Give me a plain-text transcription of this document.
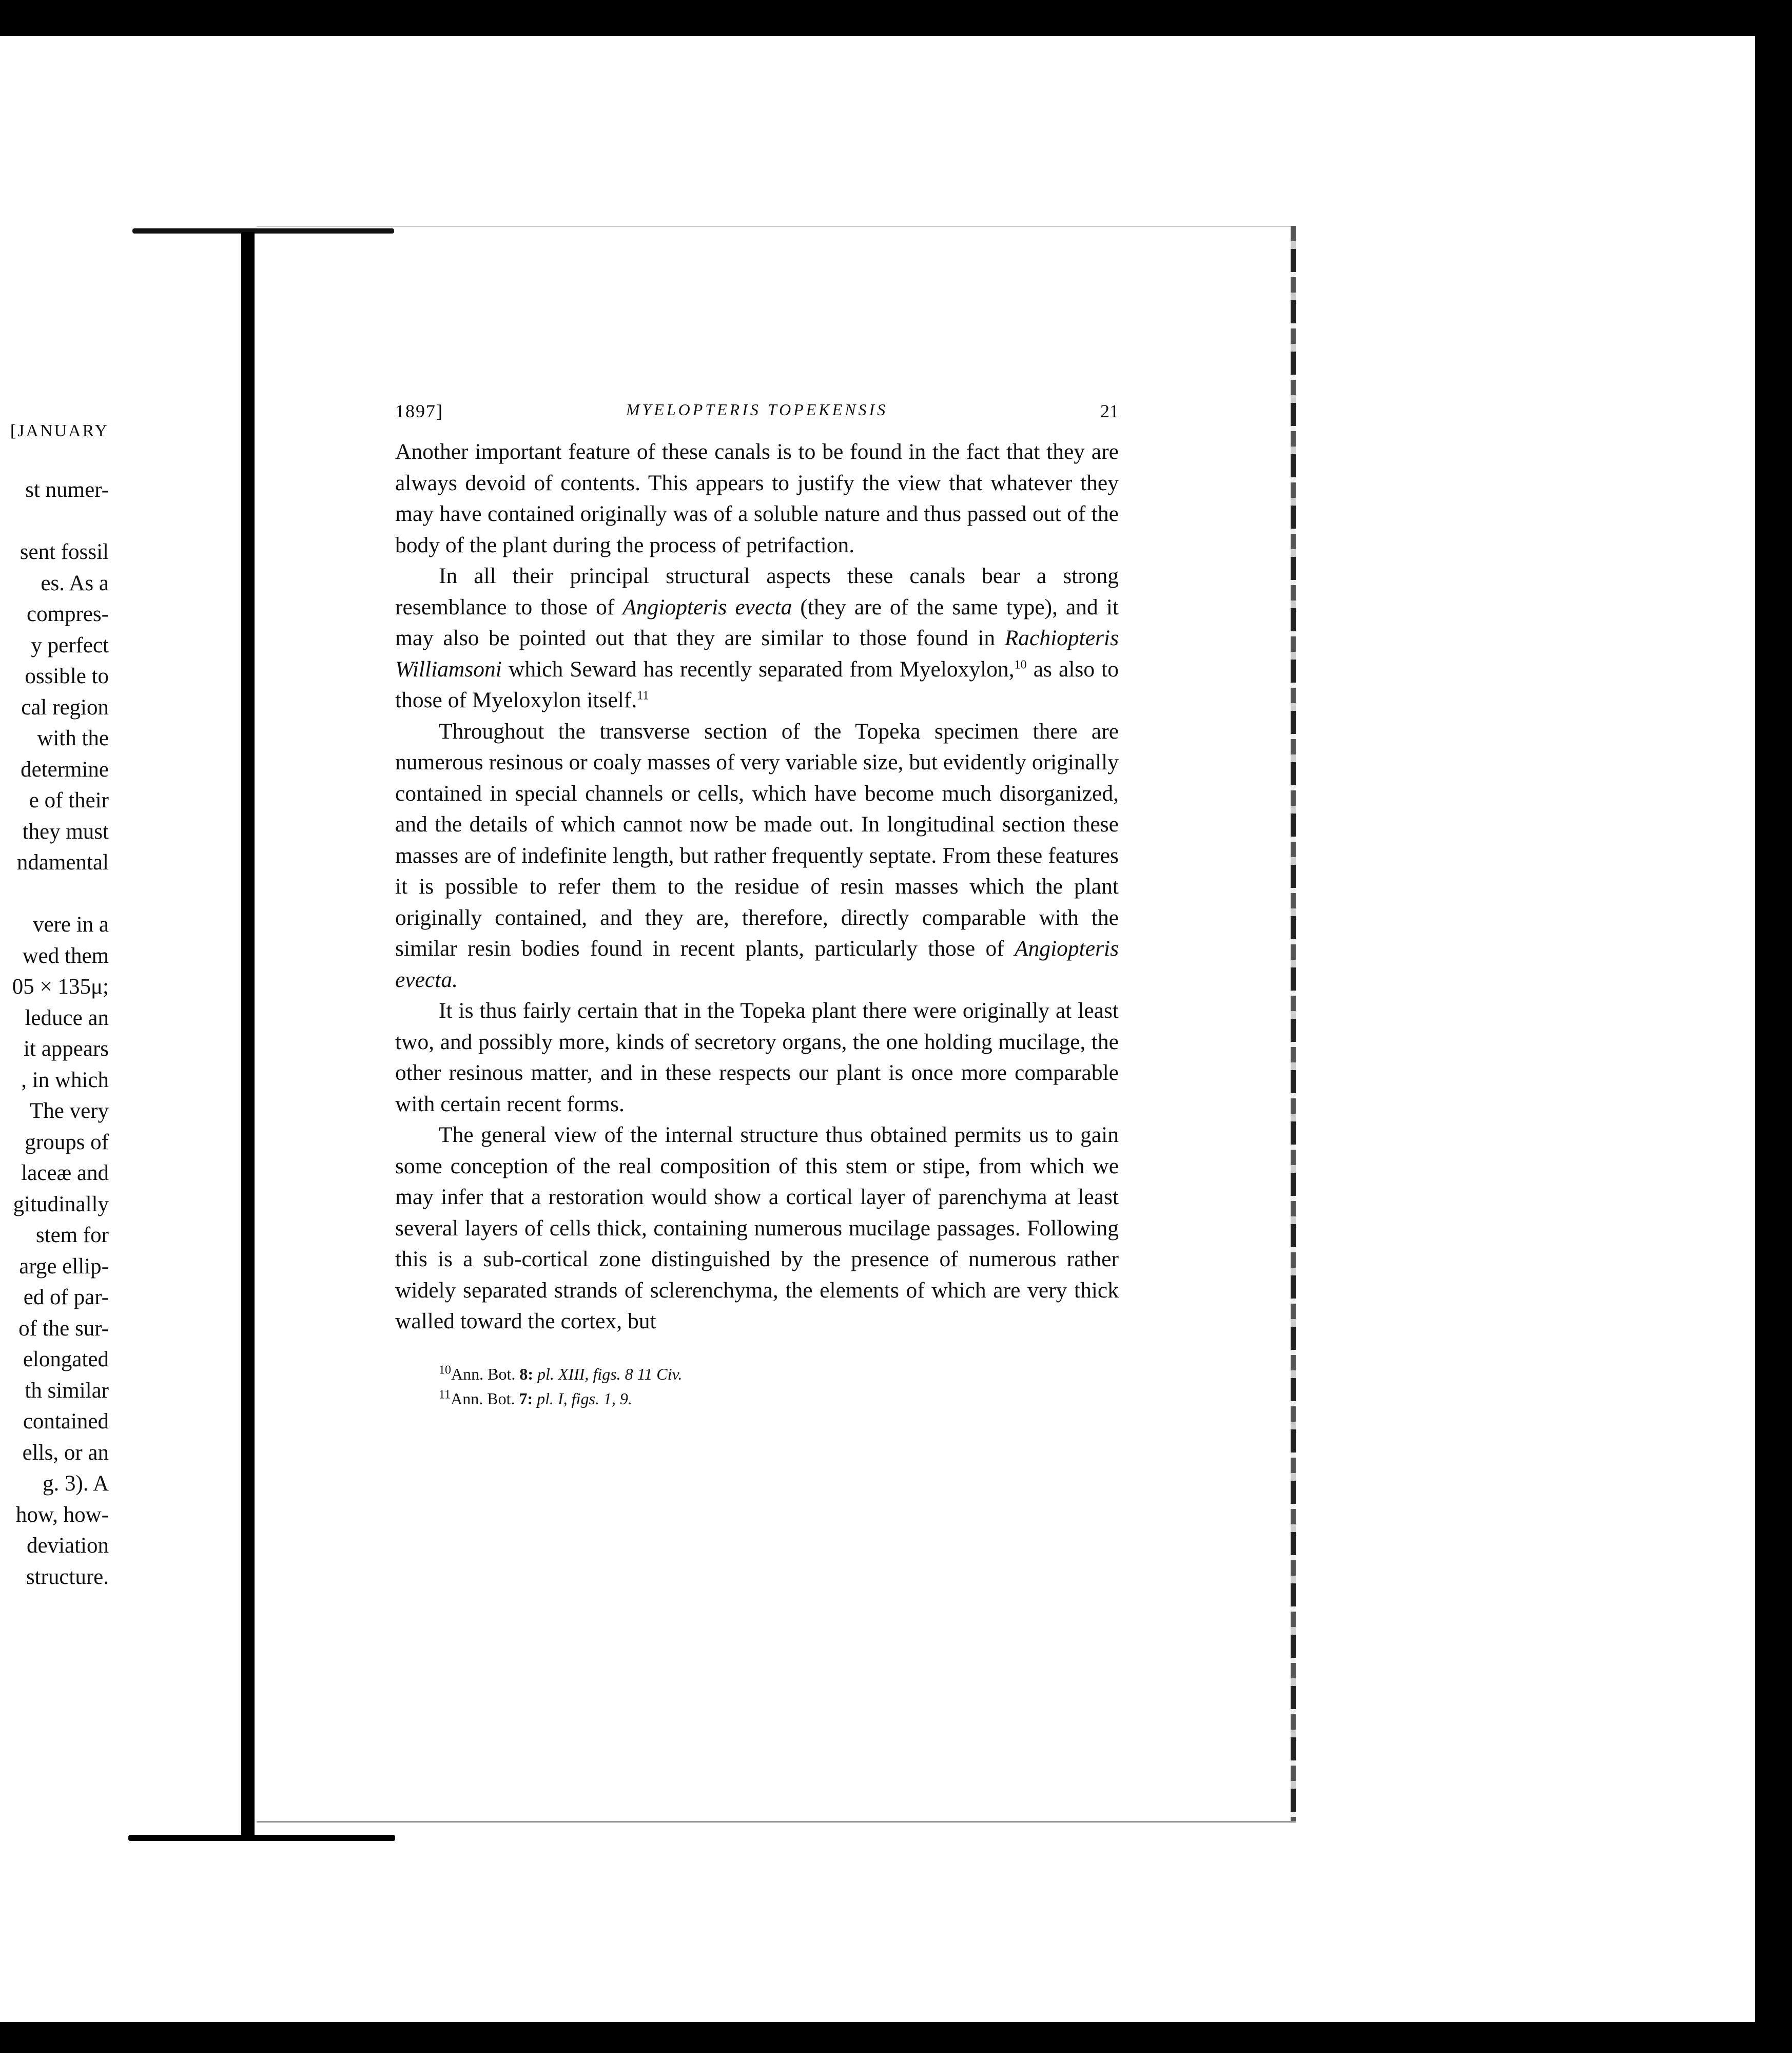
[JANUARY
st numer-
sent fossil
es. As a
compres-
y perfect
ossible to
cal region
with the
determine
e of their
they must
ndamental
vere in a
wed them
05 × 135μ;
leduce an
it appears
, in which
The very
groups of
laceæ and
gitudinally
stem for
arge ellip-
ed of par-
of the sur-
elongated
th similar
contained
ells, or an
g. 3). A
how, how-
deviation
structure.
1897]	MYELOPTERIS TOPEKENSIS	21

Another important feature of these canals is to be found in the fact that they are always devoid of contents. This appears to justify the view that whatever they may have contained originally was of a soluble nature and thus passed out of the body of the plant during the process of petrifaction.

In all their principal structural aspects these canals bear a strong resemblance to those of Angiopteris evecta (they are of the same type), and it may also be pointed out that they are similar to those found in Rachiopteris Williamsoni which Seward has recently separated from Myeloxylon,$^{10}$ as also to those of Myeloxylon itself.$^{11}$

Throughout the transverse section of the Topeka specimen there are numerous resinous or coaly masses of very variable size, but evidently originally contained in special channels or cells, which have become much disorganized, and the details of which cannot now be made out. In longitudinal section these masses are of indefinite length, but rather frequently septate. From these features it is possible to refer them to the residue of resin masses which the plant originally contained, and they are, therefore, directly comparable with the similar resin bodies found in recent plants, particularly those of Angiopteris evecta.

It is thus fairly certain that in the Topeka plant there were originally at least two, and possibly more, kinds of secretory organs, the one holding mucilage, the other resinous matter, and in these respects our plant is once more comparable with certain recent forms.

The general view of the internal structure thus obtained permits us to gain some conception of the real composition of this stem or stipe, from which we may infer that a restoration would show a cortical layer of parenchyma at least several layers of cells thick, containing numerous mucilage passages. Following this is a sub-cortical zone distinguished by the presence of numerous rather widely separated strands of sclerenchyma, the elements of which are very thick walled toward the cortex, but

$^{10}$Ann. Bot. 8: pl. XIII, figs. 8 11 Civ.
$^{11}$Ann. Bot. 7: pl. I, figs. 1, 9.
